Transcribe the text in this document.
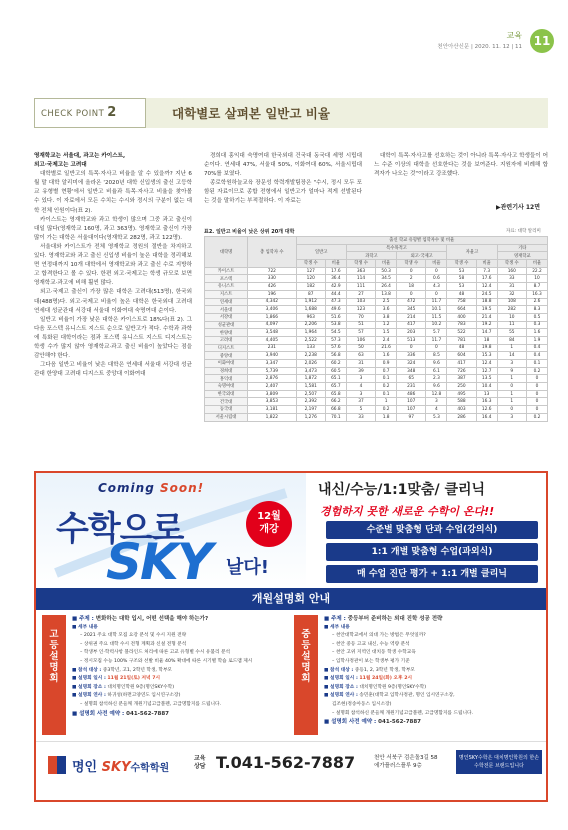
교육
천안아산신문 | 2020. 11. 12 | 11 11
CHECK POINT 2	대학별로 살펴본 일반고 비율

영재학교는 서울대, 과고는 카이스트,

외고·국제고는 고려대

대학별로 일반고의 특목·자사고 비율을 알 수 있을까? 지난 6월 말 대학 알리미에 올라온 '2020년 대학 신입생의 출신 고등학교 유형별 현황'에서 일반고 비율과 특목·자사고 비율을 찾아볼 수 있다. 이 자료에서 모든 수치는 수시와 정시의 구분이 없는 대학 전체 인원이다(표 2).

카이스트는 영재학교와 과고 학생이 많으며 그중 과고 출신이 대일 많다(영재학교 160명, 과고 363명). 영재학교 출신이 가장 많이 가는 대학은 서울대이다(영재학교 282명, 과고 122명).

서울대와 카이스트가 전체 영재학교 정원의 절반을 차지하고 있다. 영재학교와 과고 출신 신입생 비율이 높은 대학을 정리해보면 연정대까지 10개 대학에서 영재학교와 과고 출신 수로 지방하고 합격한다고 볼 수 있다. 한편 외고·국제고는 학생 규모로 보면 영재학교·과고에 비해 훨씬 많다.

외고·국제고 출신이 가장 많은 대학은 고려대(513명), 한국외대(488명)다. 외고·국제고 비율이 높은 대학은 한국외대 고려대 연세대 성균관대 서강대 서울대 이화여대 숙명여대 순이다.

일반고 비율이 가장 낮은 대학은 카이스트로 18%다(표 2). 그다음 포스텍 유니스트 지스트 순으로 일반고가 적다. 수학과 과학에 특화된 대학이라는 점과 포스텍 유니스트 지스트 디지스트는 학생 수가 많지 않아 영재학교·과고 출신 비율이 높았다는 점을 감안해야 한다.

그다음 일반고 비율이 낮은 대학은 연세대 서울대 서강대 성균관대 한양대 고려대 디지스트 중앙대 이화여대

경희대 홍익대 숙명여대 한국외대 건국대 동국대 세명 시립대 순이다. 연세대 47%, 서울대 50%, 이화여대 60%, 서울시립대 70%를 보였다.

종로학원하늘교육 장문성 학력개발팀장은 "수시, 정시 모두 포함된 자료이므로 종합 전형에서 일반고가 얼마나 적게 선발된다는 것을 말하기는 부적절하다. 이 자료는

대학이 특목·자사고를 선호하는 것이 아니라 특목·자사고 학생들이 어느 수준 이상의 대학을 선호한다는 것을 보여준다. 지원자에 비례해 합격자가 나오는 것"이라고 강조했다.

▶관련기사 12면
표2. 일반고 비율이 낮은 상위 20개 대학	자료: 대학 알리미
대학명	총 입학자 수	출신 학교 유형별 입학자수 및 비율									
		일반고		특수목적고				자율고		기타	
				과학고		외고·국제고				영재학교	
		학생 수	비율	학생 수	비율	학생 수	비율	학생 수	비율	학생 수	비율
카이스트	722	127	17.6	363	50.3	0	0	53	7.3	160	22.2
포스텍	330	120	36.4	114	34.5	2	0.6	58	17.6	33	10
유니스트	426	182	42.9	111	26.4	18	4.3	53	12.4	31	8.7
지스트	196	87	44.4	27	13.8	0	0	48	24.5	32	16.3
연세대	4,342	1,912	47.3	103	2.5	472	11.7	758	18.8	108	2.6
서울대	3,406	1,688	49.6	123	3.6	345	10.1	664	19.5	282	8.3
서강대	1,866	963	51.6	70	3.8	214	11.5	400	21.4	10	0.5
성균관대	4,097	2,206	53.8	51	1.2	417	10.2	783	19.2	11	0.3
한양대	3,548	1,964	54.5	57	1.5	203	5.7	522	14.7	55	1.6
고려대	4,405	2,522	57.3	106	2.4	513	11.7	781	18	84	1.9
디지스트	231	133	57.6	50	21.6	0	0	48	19.8	1	0.4
중앙대	3,940	2,238	56.8	63	1.6	336	8.5	604	15.3	14	0.4
이화여대	3,347	2,026	60.2	31	0.9	324	9.6	417	12.4	3	0.1
경희대	5,739	3,473	60.5	39	0.7	348	6.1	726	12.7	9	0.2
홍익대	2,876	1,872	65.1	3	0.1	65	2.3	387	13.5	1	0
숙명여대	2,407	1,581	65.7	4	0.2	231	9.6	250	10.4	0	0
한국외대	3,809	2,507	65.8	3	0.1	486	12.8	495	13	1	0
건국대	3,853	2,392	66.2	37	1	107	3	588	16.3	1	0
동국대	3,181	2,197	66.8	5	0.2	107	4	403	12.6	0	0
서울시립대	1,822	1,276	70.1	33	1.8	97	5.3	286	16.4	3	0.2
Coming Soon!
수학으로
SKY 날다!
12월
개강
내신/수능/1:1맞춤/ 클리닉
경험하지 못한 새로운 수학이 온다!!
수준별 맞춤형 단과 수업(강의식)
1:1 개별 맞춤형 수업(과외식)
매 수업 진단 평가 + 1:1 개별 클리닉
개원설명회 안내
고
등
설
명
회
■ 주제 : 변화하는 대학 입시, 어떤 선택을 해야 하는가?
■ 세부 내용
– 2021 주요 대학 모집 요강 분석 및 수시 지원 전략
– 상위권 주요 대학 수시 전형 계획과 신설 전형 분석
– 학생부 인·학력사항 블라인드 처리에 따른 고교 유형별 수시 유불리 분석
– 정시모집 수능 100% 구조와 선발 비율 40% 확대에 따른 시기별 학습 로드맵 제시
■ 참석 대상 : 중3학년, 고1, 2학년 학생, 학부모
■ 설명회 일시 : 11월 21일(토) 저녁 7시
■ 설명회 장소 : 대치명인학원 9층(명인SKY수학)
■ 설명회 연사 : 하귀성(하면고양연도 입시연구소장)
– 설명회 참석하신 분들께 개원기념고급볼펜, 고급명함지를 드립니다.
■ 설명회 사전 예약 : 041-562-7887
중
등
설
명
회
■ 주제 : 중등부터 준비하는 외대 진학 성공 전략
■ 세부 내용
– 천안대학교에서 의대 가는 방법은 무엇일까?
– 천안 중등 고교 내신, 수능 역량 분석
– 천안 고위 지역인 대치동 학생 수학교육
– 입학사정관이 보는 학생부 평가 기준
■ 참석 대상 : 중등1, 2, 3학년 학생, 학부모
■ 설명회 일시 : 11월 24일(화) 오후 2시
■ 설명회 장소 : 대치명인학원 9층(명인SKY수학)
■ 설명회 연사 : 송민훈(대학교 입학사정관, 명인 입시연구소장,
김조현(정송아동스 입시소장)
– 설명회 참석하신 분들께 개원기념고급볼펜, 고급명함지를 드립니다.
■ 설명회 사전 예약 : 041-562-7887
명인 SKY수학학원
교육 상담 T.041-562-7887	천안 서북구 검은돌3길 58
에가플러스플루 9층
명인SKY수학은 대치명인학원의 한손
수학전문 브랜드입니다
